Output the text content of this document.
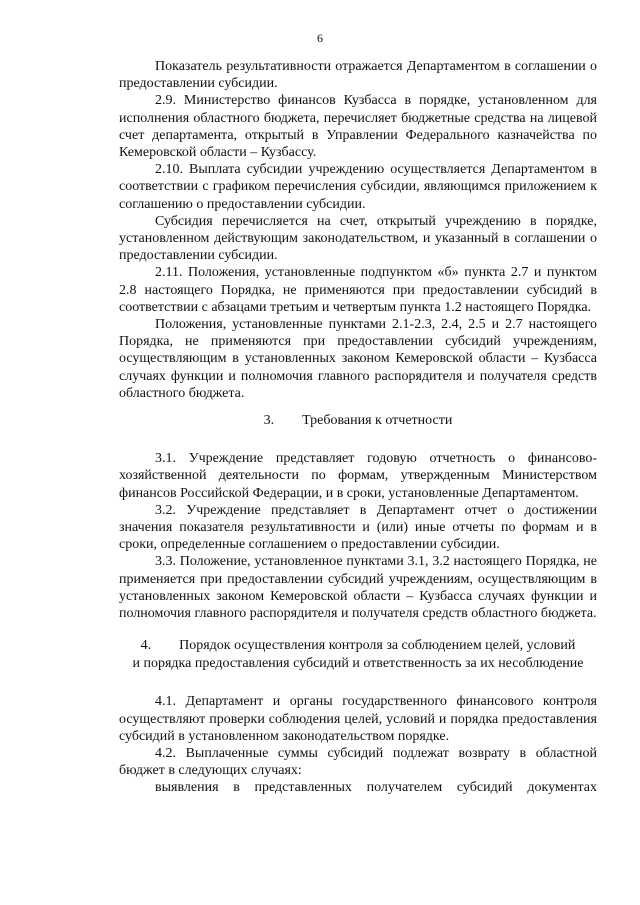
6

Показатель результативности отражается Департаментом в соглашении о предоставлении субсидии.

2.9. Министерство финансов Кузбасса в порядке, установленном для исполнения областного бюджета, перечисляет бюджетные средства на лицевой счет департамента, открытый в Управлении Федерального казначейства по Кемеровской области – Кузбассу.

2.10. Выплата субсидии учреждению осуществляется Департаментом в соответствии с графиком перечисления субсидии, являющимся приложением к соглашению о предоставлении субсидии.

Субсидия перечисляется на счет, открытый учреждению в порядке, установленном действующим законодательством, и указанный в соглашении о предоставлении субсидии.

2.11. Положения, установленные подпунктом «б» пункта 2.7 и пунктом 2.8 настоящего Порядка, не применяются при предоставлении субсидий в соответствии с абзацами третьим и четвертым пункта 1.2 настоящего Порядка.

Положения, установленные пунктами 2.1-2.3, 2.4, 2.5 и 2.7 настоящего Порядка, не применяются при предоставлении субсидий учреждениям, осуществляющим в установленных законом Кемеровской области – Кузбасса случаях функции и полномочия главного распорядителя и получателя средств областного бюджета.

3.  Требования к отчетности

3.1. Учреждение представляет годовую отчетность о финансово-хозяйственной деятельности по формам, утвержденным Министерством финансов Российской Федерации, и в сроки, установленные Департаментом.

3.2. Учреждение представляет в Департамент отчет о достижении значения показателя результативности и (или) иные отчеты по формам и в сроки, определенные соглашением о предоставлении субсидии.

3.3. Положение, установленное пунктами 3.1, 3.2 настоящего Порядка, не применяется при предоставлении субсидий учреждениям, осуществляющим в установленных законом Кемеровской области – Кузбасса случаях функции и полномочия главного распорядителя и получателя средств областного бюджета.

4.  Порядок осуществления контроля за соблюдением целей, условий
и порядка предоставления субсидий и ответственность за их несоблюдение

4.1. Департамент и органы государственного финансового контроля осуществляют проверки соблюдения целей, условий и порядка предоставления субсидий в установленном законодательством порядке.

4.2. Выплаченные суммы субсидий подлежат возврату в областной бюджет в следующих случаях:

выявления в представленных получателем субсидий документах
